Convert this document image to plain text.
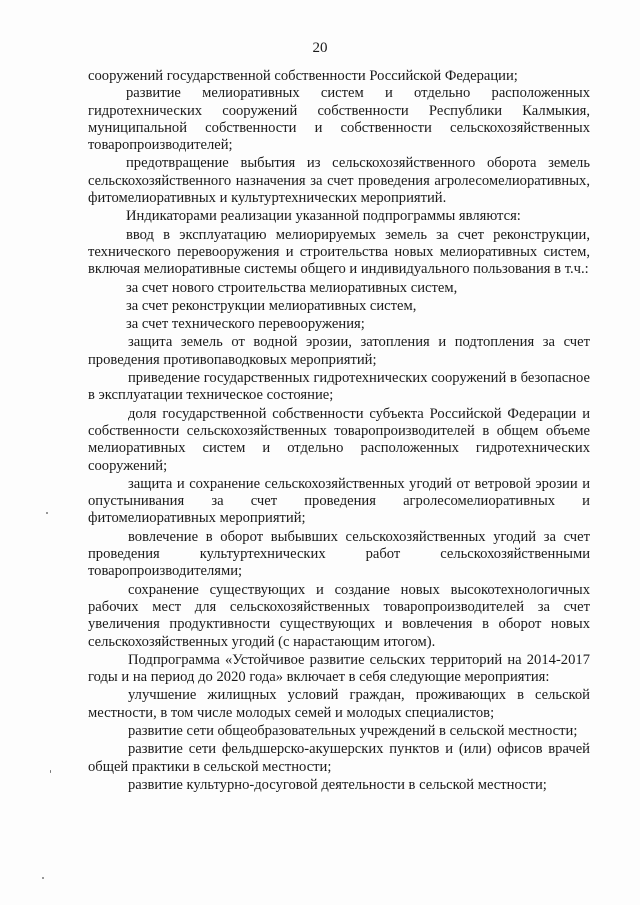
20

сооружений государственной собственности Российской Федерации;

развитие мелиоративных систем и отдельно расположенных гидротехнических сооружений собственности Республики Калмыкия, муниципальной собственности и собственности сельскохозяйственных товаропроизводителей;

предотвращение выбытия из сельскохозяйственного оборота земель сельскохозяйственного назначения за счет проведения агролесомелиоративных, фитомелиоративных и культуртехнических мероприятий.

Индикаторами реализации указанной подпрограммы являются:

ввод в эксплуатацию мелиорируемых земель за счет реконструкции, технического перевооружения и строительства новых мелиоративных систем, включая мелиоративные системы общего и индивидуального пользования в т.ч.:

за счет нового строительства мелиоративных систем,

за счет реконструкции мелиоративных систем,

за счет технического перевооружения;

защита земель от водной эрозии, затопления и подтопления за счет проведения противопаводковых мероприятий;

приведение государственных гидротехнических сооружений в безопасное в эксплуатации техническое состояние;

доля государственной собственности субъекта Российской Федерации и собственности сельскохозяйственных товаропроизводителей в общем объеме мелиоративных систем и отдельно расположенных гидротехнических сооружений;

защита и сохранение сельскохозяйственных угодий от ветровой эрозии и опустынивания за счет проведения агролесомелиоративных и фитомелиоративных мероприятий;

вовлечение в оборот выбывших сельскохозяйственных угодий за счет проведения культуртехнических работ сельскохозяйственными товаропроизводителями;

сохранение существующих и создание новых высокотехнологичных рабочих мест для сельскохозяйственных товаропроизводителей за счет увеличения продуктивности существующих и вовлечения в оборот новых сельскохозяйственных угодий (с нарастающим итогом).

Подпрограмма «Устойчивое развитие сельских территорий на 2014-2017 годы и на период до 2020 года» включает в себя следующие мероприятия:

улучшение жилищных условий граждан, проживающих в сельской местности, в том числе молодых семей и молодых специалистов;

развитие сети общеобразовательных учреждений в сельской местности;

развитие сети фельдшерско-акушерских пунктов и (или) офисов врачей общей практики в сельской местности;

развитие культурно-досуговой деятельности в сельской местности;
